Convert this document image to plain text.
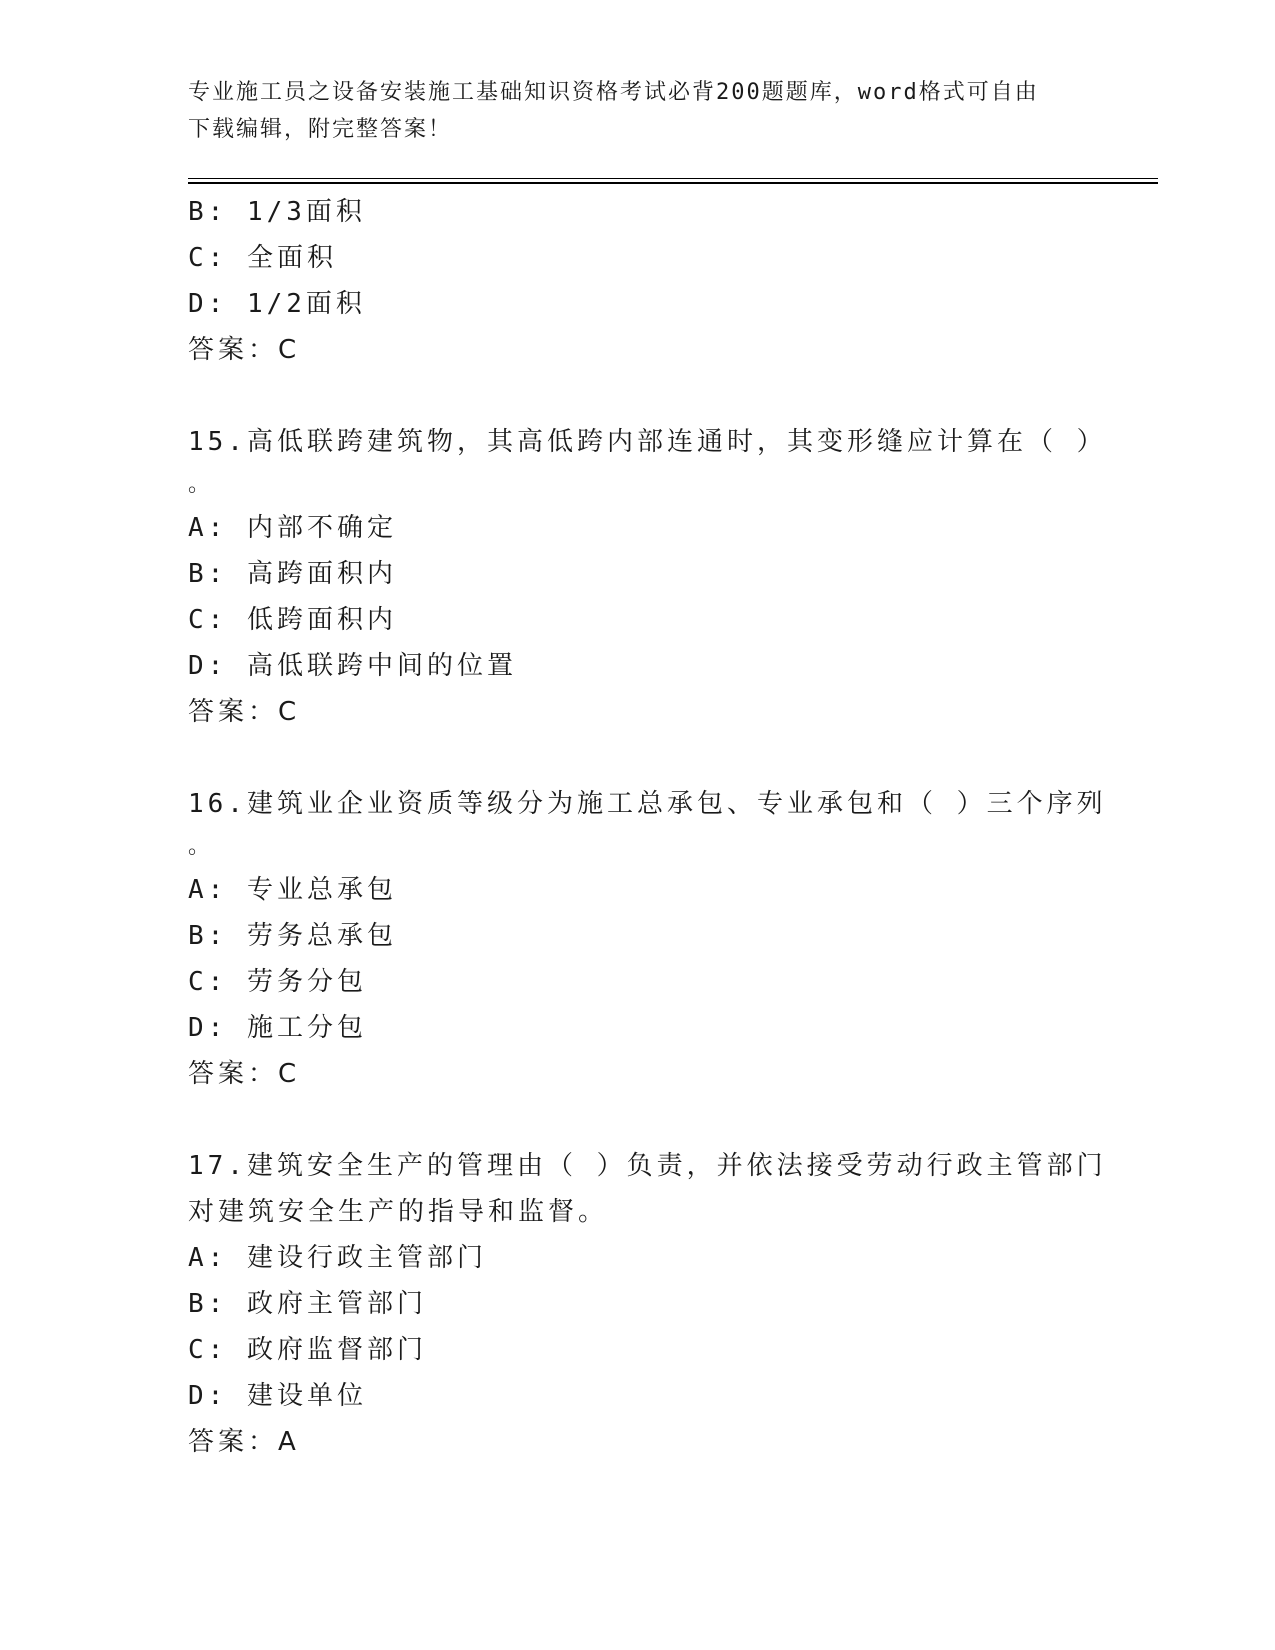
专业施工员之设备安装施工基础知识资格考试必背200题题库，word格式可自由
下载编辑，附完整答案！
B: 1/3面积
C: 全面积
D: 1/2面积
答案：C
15.高低联跨建筑物，其高低跨内部连通时，其变形缝应计算在（ ）
。
A: 内部不确定
B: 高跨面积内
C: 低跨面积内
D: 高低联跨中间的位置
答案：C
16.建筑业企业资质等级分为施工总承包、专业承包和（ ）三个序列
。
A: 专业总承包
B: 劳务总承包
C: 劳务分包
D: 施工分包
答案：C
17.建筑安全生产的管理由（ ）负责，并依法接受劳动行政主管部门
对建筑安全生产的指导和监督。
A: 建设行政主管部门
B: 政府主管部门
C: 政府监督部门
D: 建设单位
答案：A
